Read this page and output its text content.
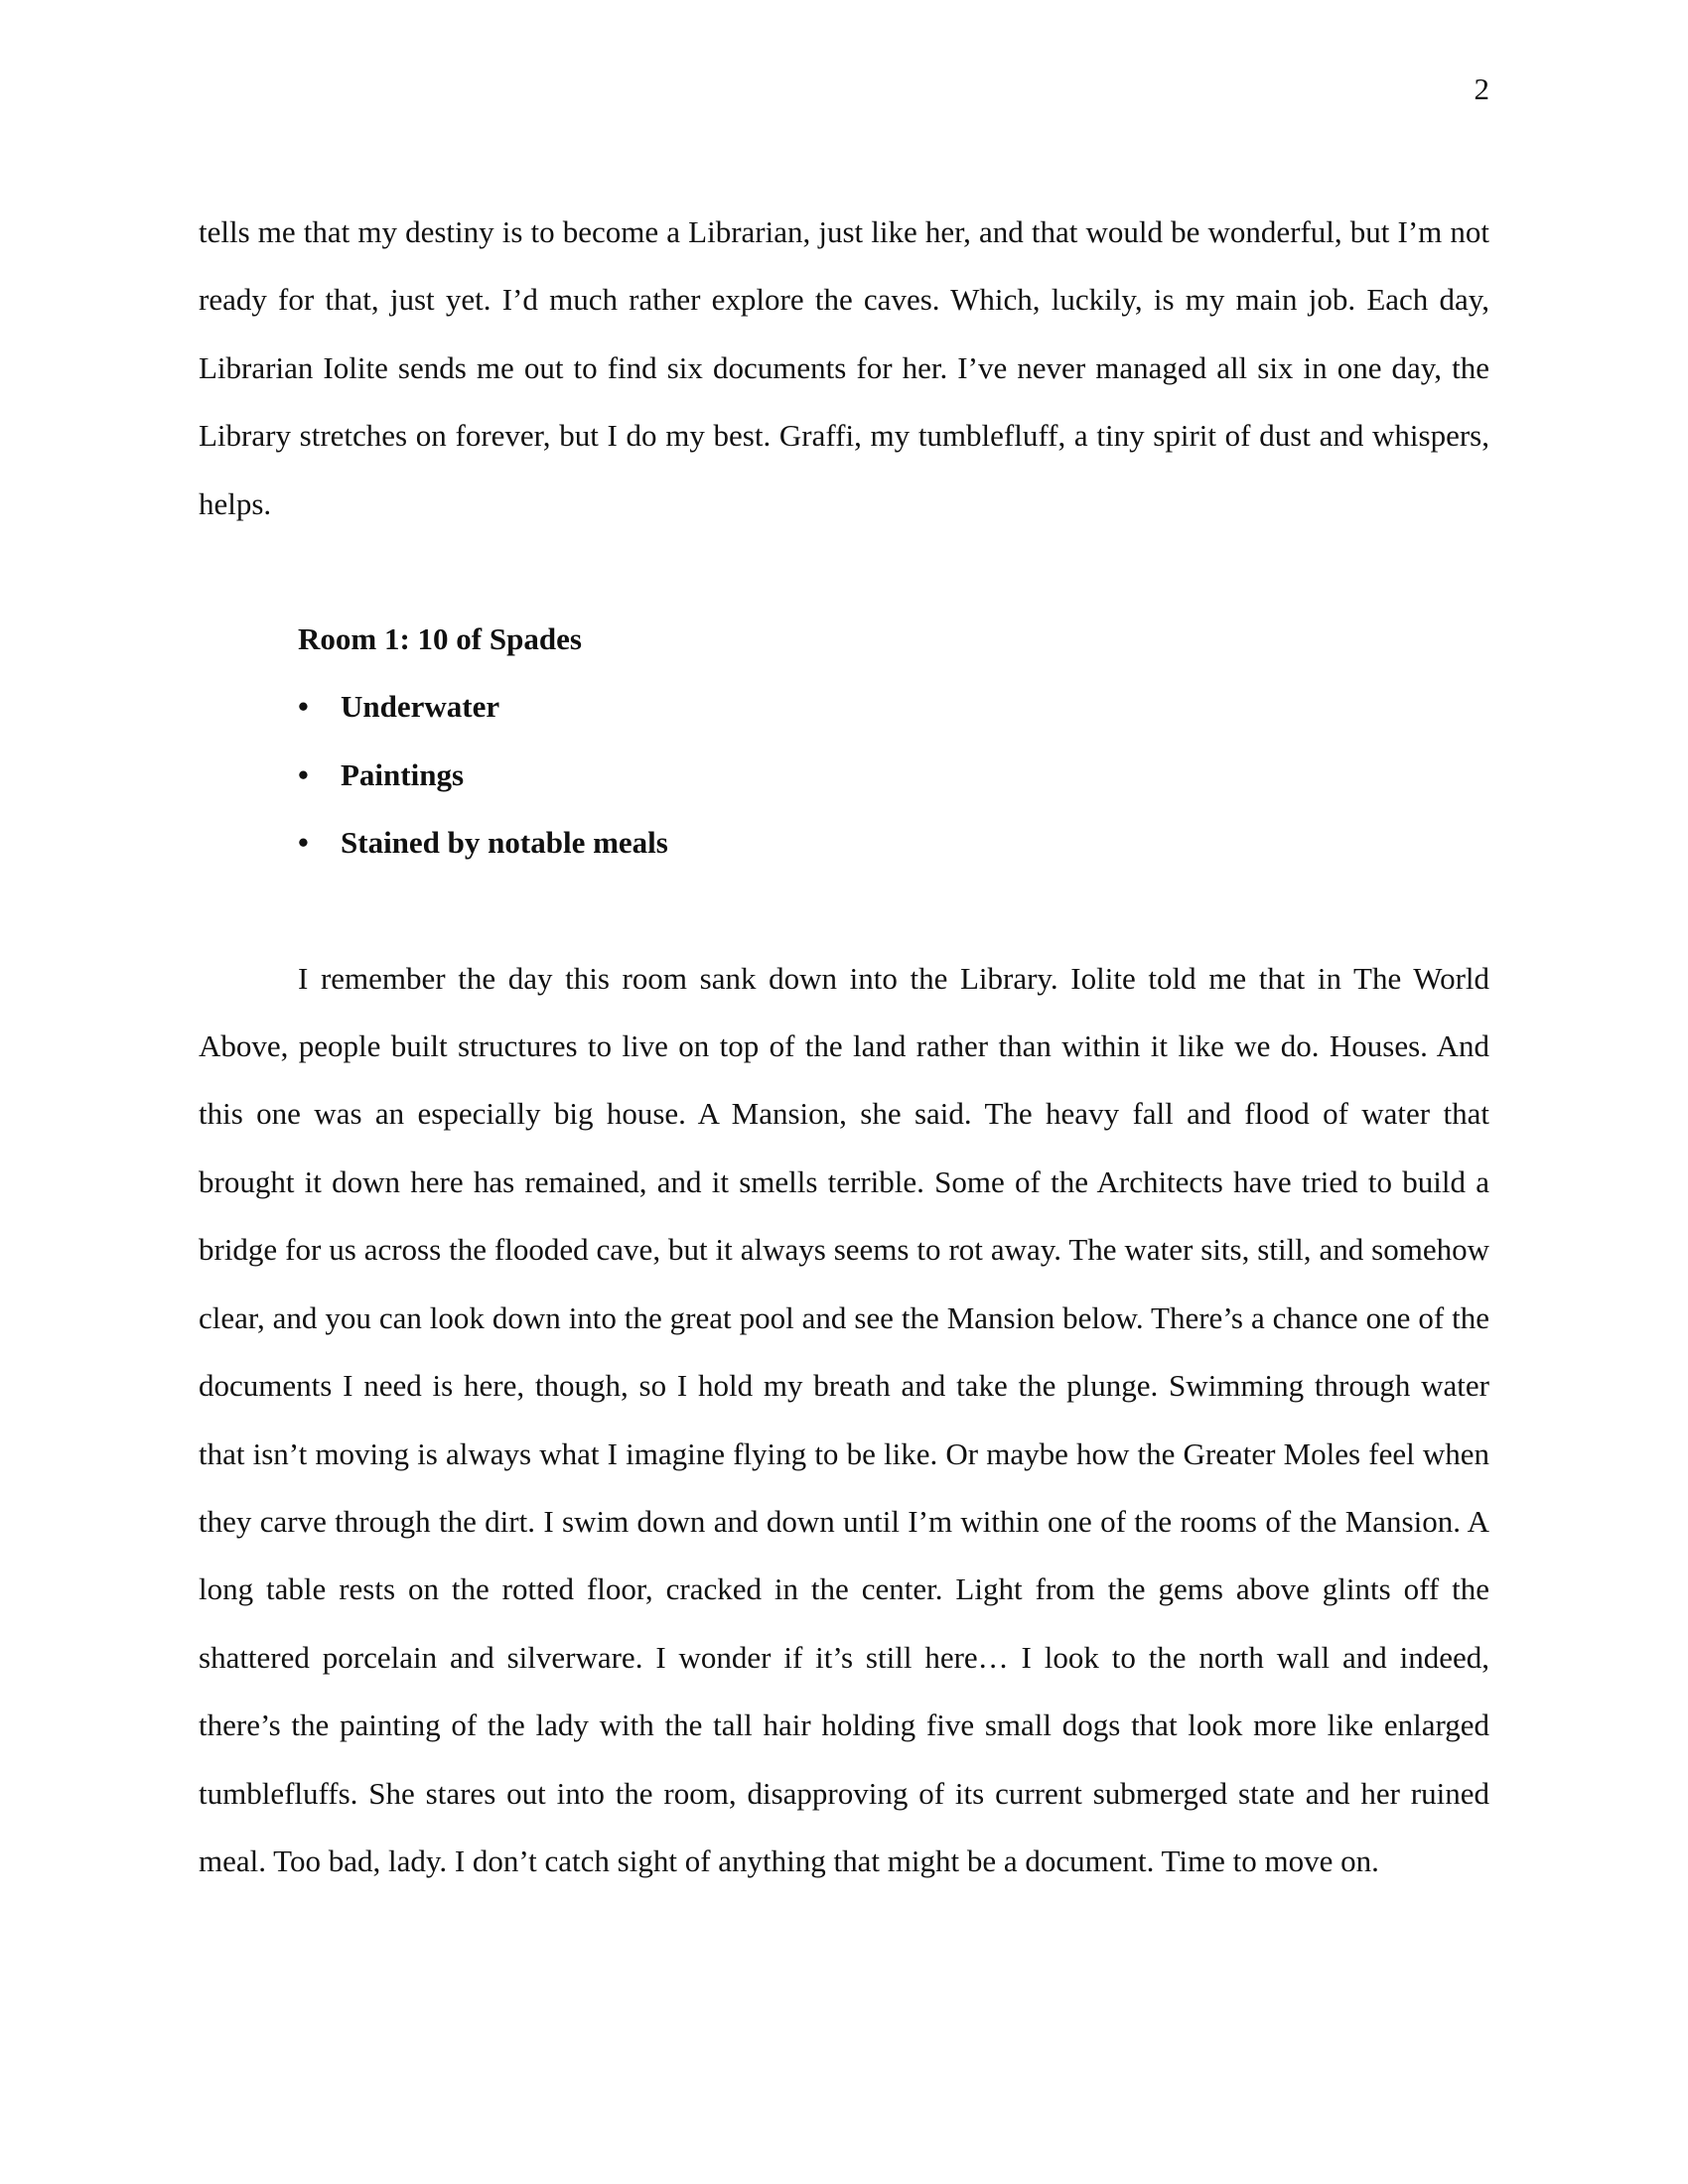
2

tells me that my destiny is to become a Librarian, just like her, and that would be wonderful, but I’m not ready for that, just yet. I’d much rather explore the caves. Which, luckily, is my main job. Each day, Librarian Iolite sends me out to find six documents for her. I’ve never managed all six in one day, the Library stretches on forever, but I do my best. Graffi, my tumblefluff, a tiny spirit of dust and whispers, helps.

Room 1: 10 of Spades

•	Underwater
•	Paintings
•	Stained by notable meals

I remember the day this room sank down into the Library. Iolite told me that in The World Above, people built structures to live on top of the land rather than within it like we do. Houses. And this one was an especially big house. A Mansion, she said. The heavy fall and flood of water that brought it down here has remained, and it smells terrible. Some of the Architects have tried to build a bridge for us across the flooded cave, but it always seems to rot away. The water sits, still, and somehow clear, and you can look down into the great pool and see the Mansion below. There’s a chance one of the documents I need is here, though, so I hold my breath and take the plunge. Swimming through water that isn’t moving is always what I imagine flying to be like. Or maybe how the Greater Moles feel when they carve through the dirt. I swim down and down until I’m within one of the rooms of the Mansion. A long table rests on the rotted floor, cracked in the center. Light from the gems above glints off the shattered porcelain and silverware. I wonder if it’s still here… I look to the north wall and indeed, there’s the painting of the lady with the tall hair holding five small dogs that look more like enlarged tumblefluffs. She stares out into the room, disapproving of its current submerged state and her ruined meal. Too bad, lady. I don’t catch sight of anything that might be a document. Time to move on.
